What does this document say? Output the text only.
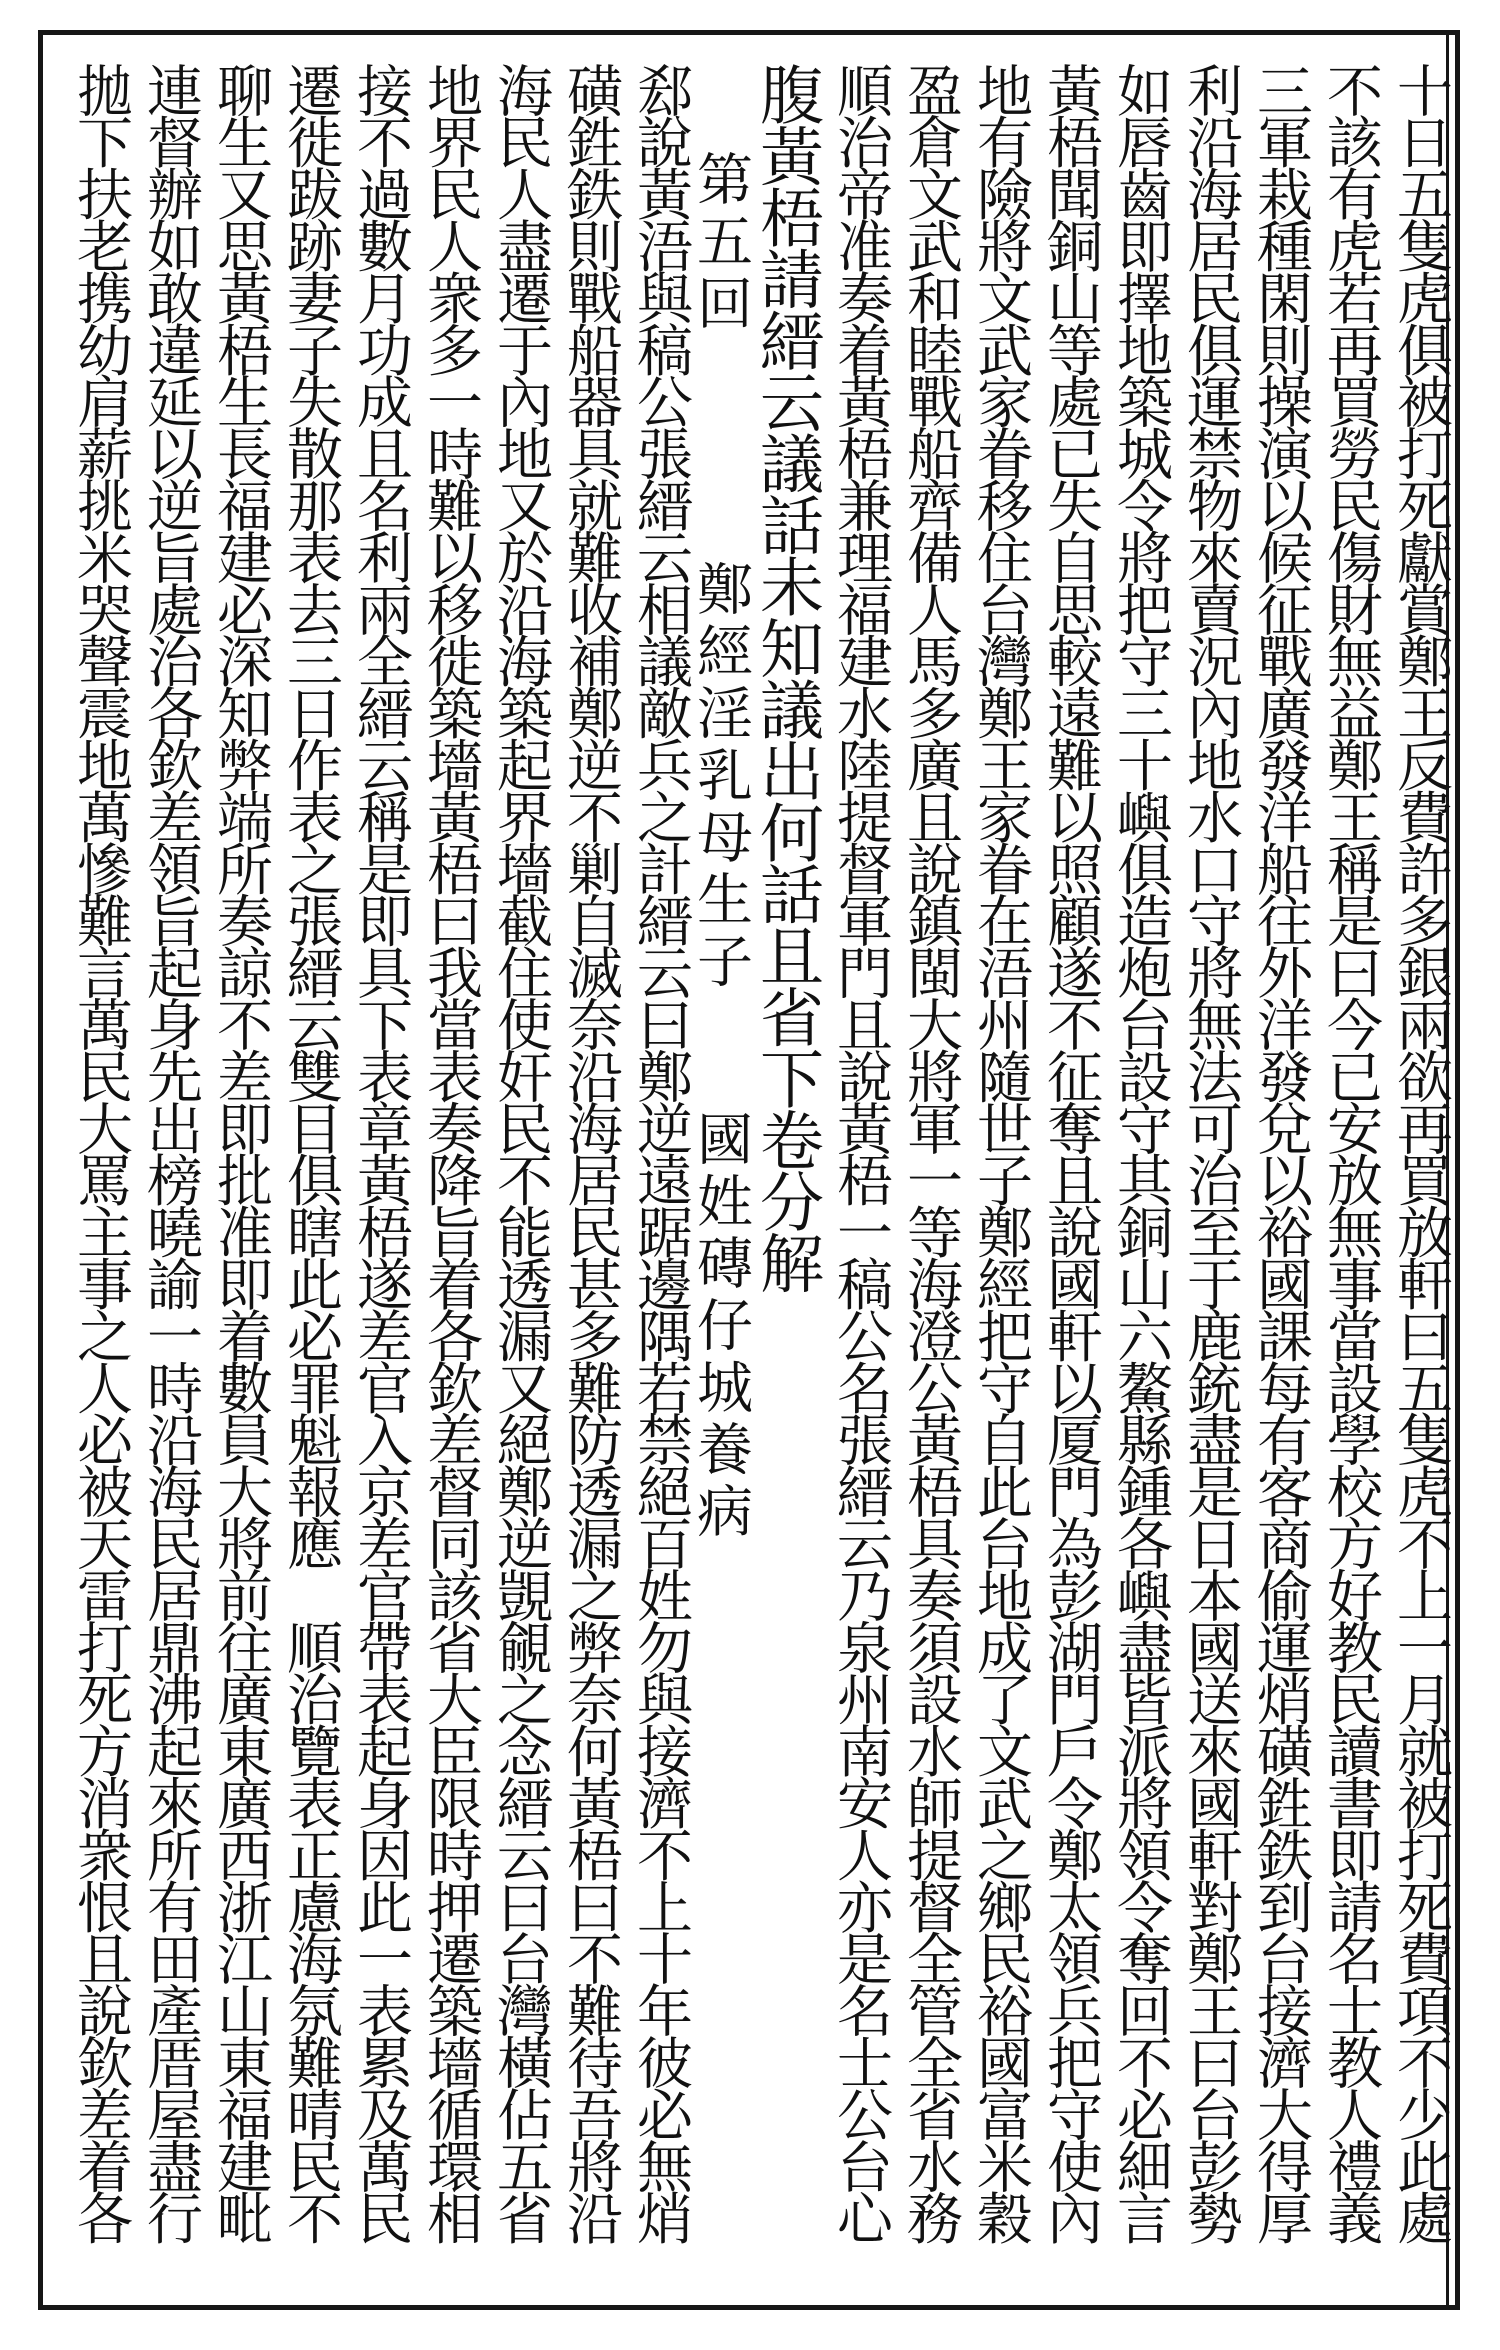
十日五隻虎俱被打死獻賞鄭王反費許多銀兩欲再買放軒曰五隻虎不上一月就被打死費項不少此處
不該有虎若再買勞民傷財無益鄭王稱是曰今已安放無事當設學校方好教民讀書即請名士教人禮義
三軍栽種閑則操演以候征戰廣發洋船往外洋發兌以裕國課每有客商偷運焇磺鉎鉄到台接濟大得厚
利沿海居民俱運禁物來賣況內地水口守將無法可治至于鹿銃盡是日本國送來國軒對鄭王曰台彭勢
如唇齒即擇地築城令將把守三十嶼俱造炮台設守其銅山六鰲縣鍾各嶼盡皆派將領令奪回不必細言
黃梧聞銅山等處已失自思較遠難以照顧遂不征奪且說國軒以厦門為彭湖門戶令鄭太領兵把守使內
地有險將文武家眷移住台灣鄭王家眷在浯州隨世子鄭經把守自此台地成了文武之鄉民裕國富米穀
盈倉文武和睦戰船齊備人馬多廣且說鎮閩大將軍一等海澄公黃梧具奏須設水師提督全管全省水務
順治帝准奏着黃梧兼理福建水陸提督軍門且說黃梧一稿公名張縉云乃泉州南安人亦是名士公台心
腹黃梧請縉云議話未知議出何話且省下卷分解
第五回
鄭經淫乳母生子
國姓磚仔城養病
郄說黃浯與稿公張縉云相議敵兵之計縉云曰鄭逆遠踞邊隅若禁絕百姓勿與接濟不上十年彼必無焇
磺鉎鉄則戰船器具就難收補鄭逆不剿自滅奈沿海居民甚多難防透漏之弊奈何黃梧曰不難待吾將沿
海民人盡遷于內地又於沿海築起界墻截住使奸民不能透漏又絕鄭逆覬覦之念縉云曰台灣橫佔五省
地界民人衆多一時難以移徙築墻黃梧曰我當表奏降旨着各欽差督同該省大臣限時押遷築墻循環相
接不過數月功成且名利兩全縉云稱是即具下表章黃梧遂差官入京差官帶表起身因此一表累及萬民
遷徙跋跡妻子失散那表去三日作表之張縉云雙目俱瞎此必罪魁報應　順治覽表正慮海氛難晴民不
聊生又思黃梧生長福建必深知弊端所奏諒不差即批准即着數員大將前往廣東廣西浙江山東福建毗
連督辦如敢違延以逆旨處治各欽差領旨起身先出榜曉諭一時沿海民居鼎沸起來所有田產厝屋盡行
拋下扶老携幼肩薪挑米哭聲震地萬慘難言萬民大罵主事之人必被天雷打死方消衆恨且說欽差着各
